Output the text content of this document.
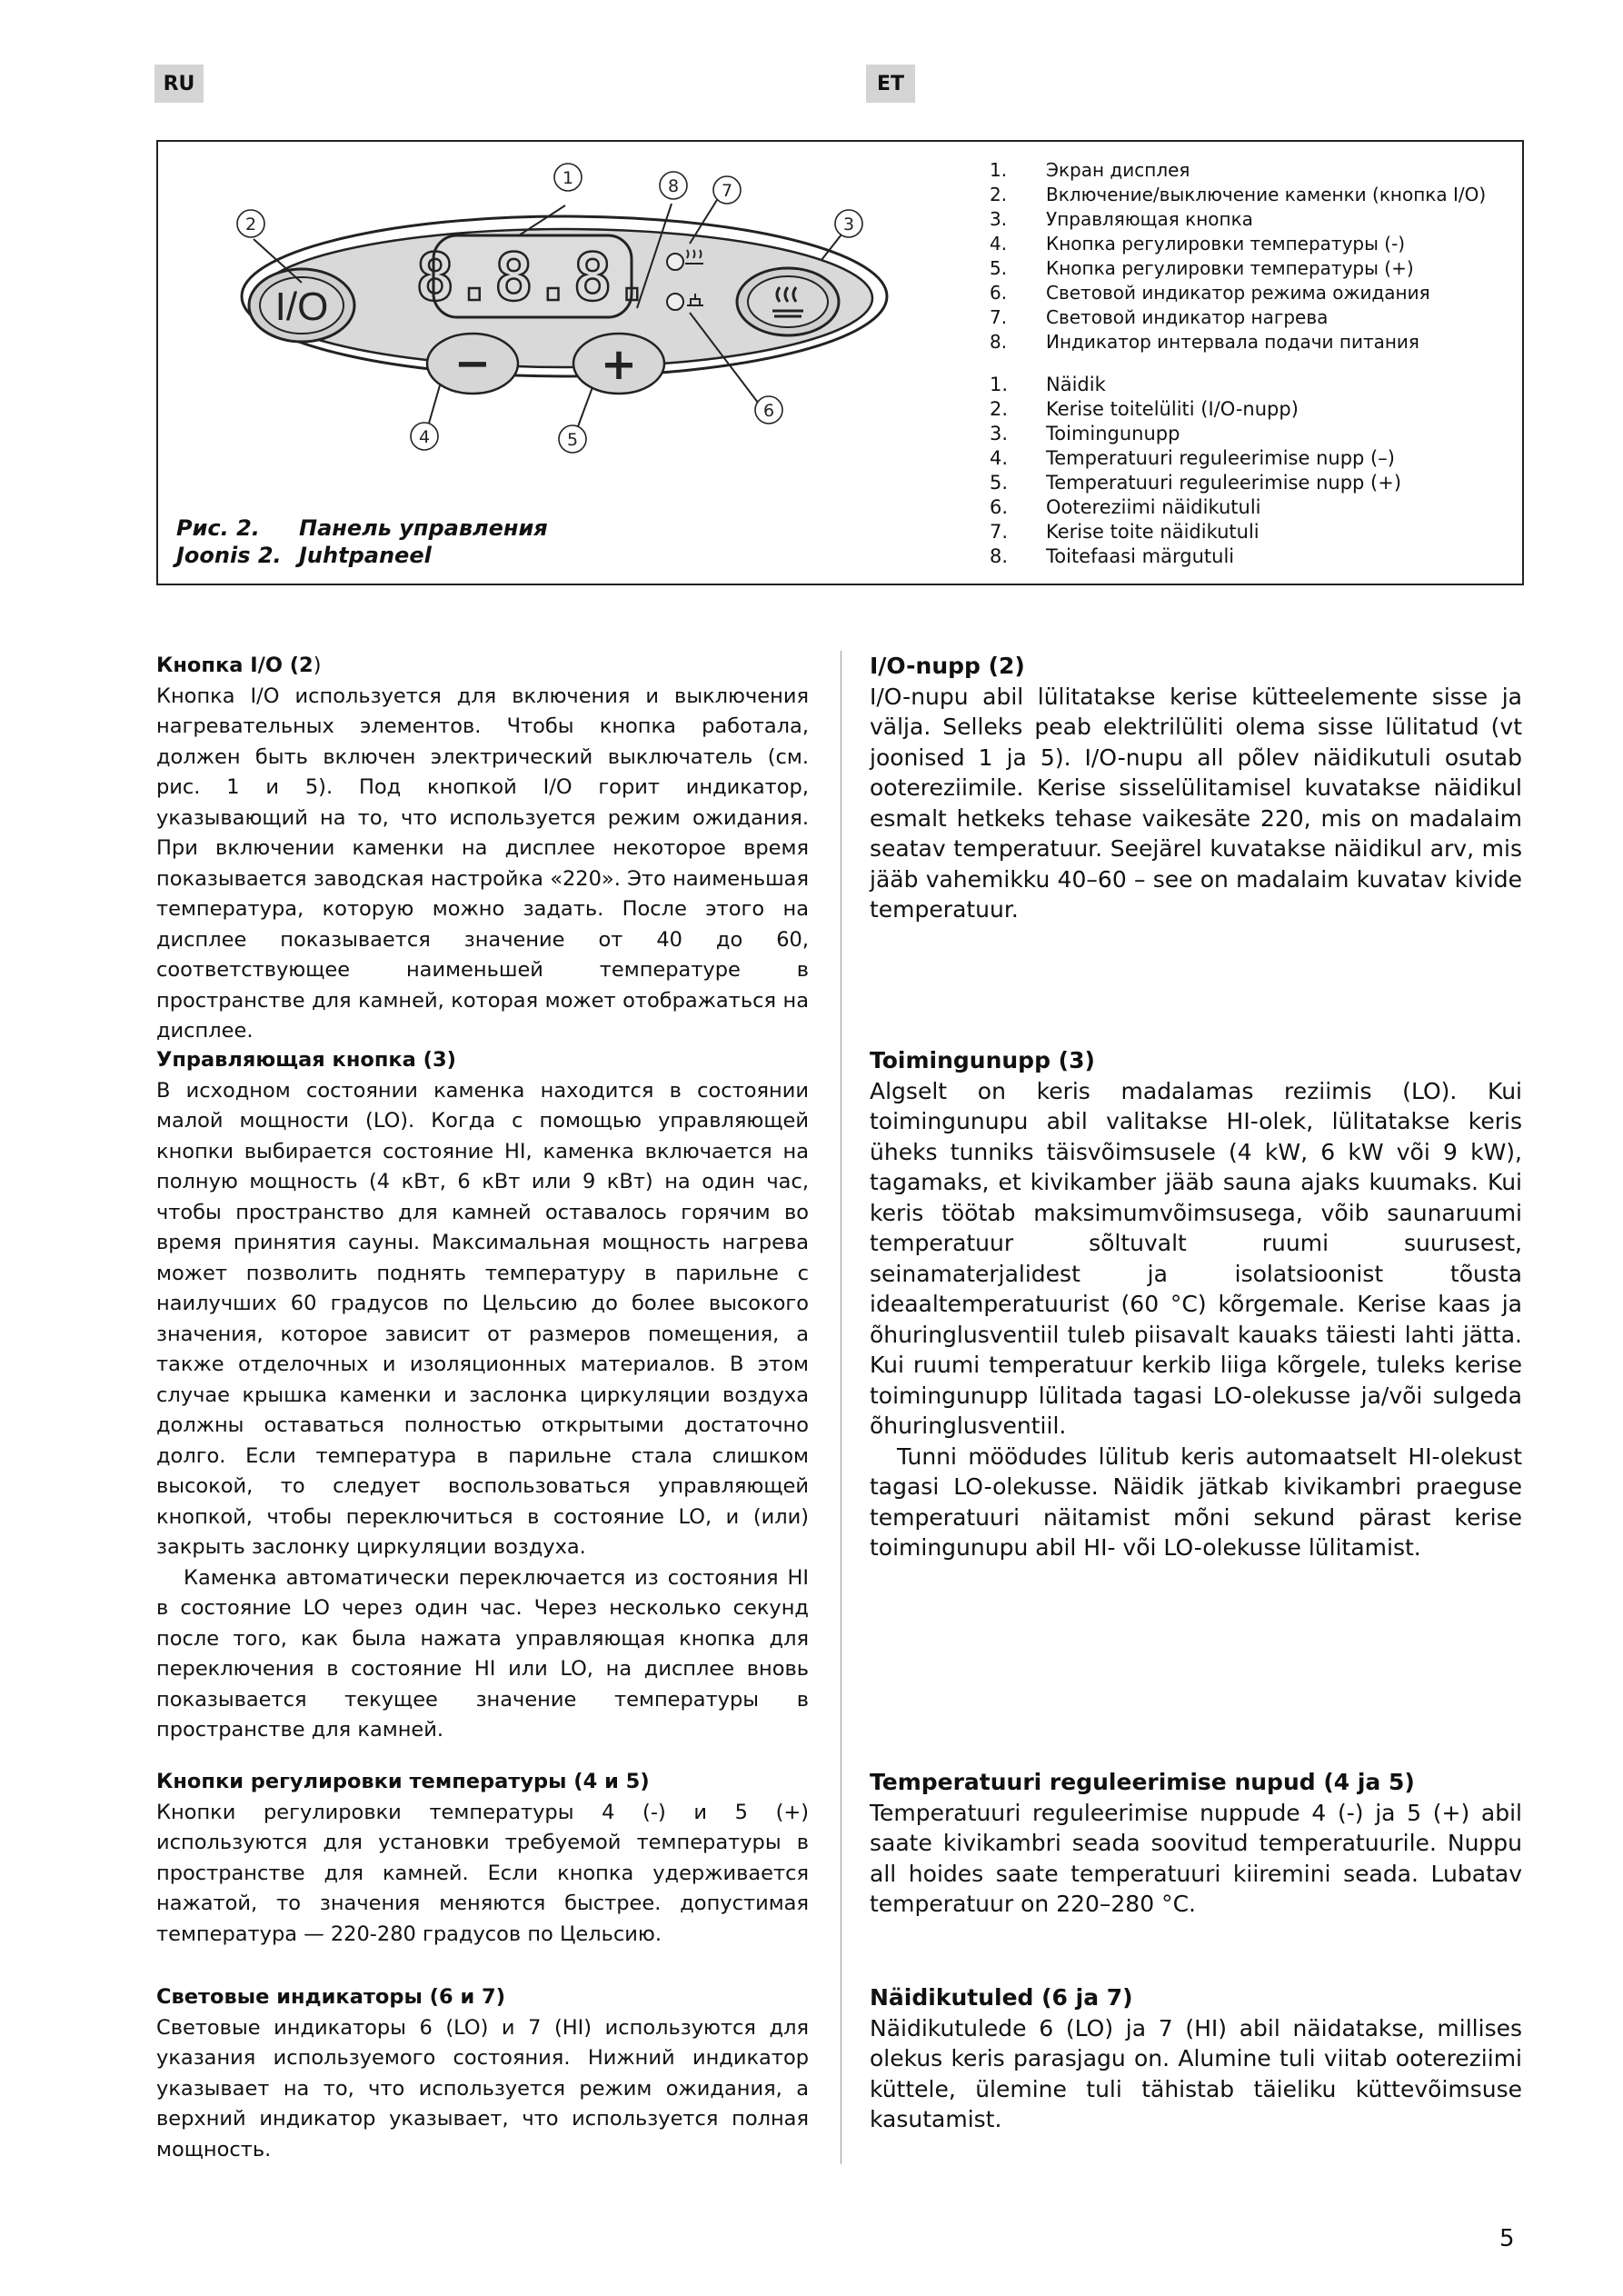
RU	ET
I/O 8.8.8.
−	+
1
2	3
4	5
6
7
8
Рис. 2.	Панель управления
Joonis 2. Juhtpaneel
1.	Экран дисплея
2.	Включение/выключение каменки (кнопка I/O)
3.	Управляющая кнопка
4.	Кнопка регулировки температуры (-)
5.	Кнопка регулировки температуры (+)
6.	Световой индикатор режима ожидания
7.	Световой индикатор нагрева
8.	Индикатор интервала подачи питания
1.	Näidik
2.	Kerise toitelüliti (I/O-nupp)
3.	Toimingunupp
4.	Temperatuuri reguleerimise nupp (–)
5.	Temperatuuri reguleerimise nupp (+)
6.	Ootereziimi näidikutuli
7.	Kerise toite näidikutuli
8.	Toitefaasi märgutuli
Кнопка I/O (2)

Кнопка I/O используется для включения и выключения нагревательных элементов. Чтобы кнопка работала, должен быть включен электрический выключатель (см. рис. 1 и 5). Под кнопкой I/O горит индикатор, указывающий на то, что используется режим ожидания. При включении каменки на дисплее некоторое время показывается заводская настройка «220». Это наименьшая температура, которую можно задать. После этого на дисплее показывается значение от 40 до 60, соответствующее наименьшей температуре в пространстве для камней, которая может отображаться на дисплее.

Управляющая кнопка (3)

В исходном состоянии каменка находится в состоянии малой мощности (LO). Когда с помощью управляющей кнопки выбирается состояние HI, каменка включается на полную мощность (4 кВт, 6 кВт или 9 кВт) на один час, чтобы пространство для камней оставалось горячим во время принятия сауны. Максимальная мощность нагрева может позволить поднять температуру в парильне с наилучших 60 градусов по Цельсию до более высокого значения, которое зависит от размеров помещения, а также отделочных и изоляционных материалов. В этом случае крышка каменки и заслонка циркуляции воздуха должны оставаться полностью открытыми достаточно долго. Если температура в парильне стала слишком высокой, то следует воспользоваться управляющей кнопкой, чтобы переключиться в состояние LO, и (или) закрыть заслонку циркуляции воздуха.

Каменка автоматически переключается из состояния HI в состояние LO через один час. Через несколько секунд после того, как была нажата управляющая кнопка для переключения в состояние HI или LO, на дисплее вновь показывается текущее значение температуры в пространстве для камней.

Кнопки регулировки температуры (4 и 5)

Кнопки регулировки температуры 4 (-) и 5 (+) используются для установки требуемой температуры в пространстве для камней. Если кнопка удерживается нажатой, то значения меняются быстрее. допустимая температура — 220-280 градусов по Цельсию.

Световые индикаторы (6 и 7)

Световые индикаторы 6 (LO) и 7 (HI) используются для указания используемого состояния. Нижний индикатор указывает на то, что используется режим ожидания, а верхний индикатор указывает, что используется полная мощность.

I/O-nupp (2)

I/O-nupu abil lülitatakse kerise kütteelemente sisse ja välja. Selleks peab elektrilüliti olema sisse lülitatud (vt joonised 1 ja 5). I/O-nupu all põlev näidikutuli osutab ootereziimile. Kerise sisselülitamisel kuvatakse näidikul esmalt hetkeks tehase vaikesäte 220, mis on madalaim seatav temperatuur. Seejärel kuvatakse näidikul arv, mis jääb vahemikku 40–60 – see on madalaim kuvatav kivide temperatuur.

Toimingunupp (3)

Algselt on keris madalamas reziimis (LO). Kui toimingunupu abil valitakse HI-olek, lülitatakse keris üheks tunniks täisvõimsusele (4 kW, 6 kW või 9 kW), tagamaks, et kivikamber jääb sauna ajaks kuumaks. Kui keris töötab maksimumvõimsusega, võib saunaruumi temperatuur sõltuvalt ruumi suurusest, seinamaterjalidest ja isolatsioonist tõusta ideaaltemperatuurist (60 °C) kõrgemale. Kerise kaas ja õhuringlusventiil tuleb piisavalt kauaks täiesti lahti jätta. Kui ruumi temperatuur kerkib liiga kõrgele, tuleks kerise toimingunupp lülitada tagasi LO-olekusse ja/või sulgeda õhuringlusventiil.

Tunni möödudes lülitub keris automaatselt HI-olekust tagasi LO-olekusse. Näidik jätkab kivikambri praeguse temperatuuri näitamist mõni sekund pärast kerise toimingunupu abil HI- või LO-olekusse lülitamist.

Temperatuuri reguleerimise nupud (4 ja 5)

Temperatuuri reguleerimise nuppude 4 (-) ja 5 (+) abil saate kivikambri seada soovitud temperatuurile. Nuppu all hoides saate temperatuuri kiiremini seada. Lubatav temperatuur on 220–280 °C.

Näidikutuled (6 ja 7)

Näidikutulede 6 (LO) ja 7 (HI) abil näidatakse, millises olekus keris parasjagu on. Alumine tuli viitab ootereziimi küttele, ülemine tuli tähistab täieliku küttevõimsuse kasutamist.

5
